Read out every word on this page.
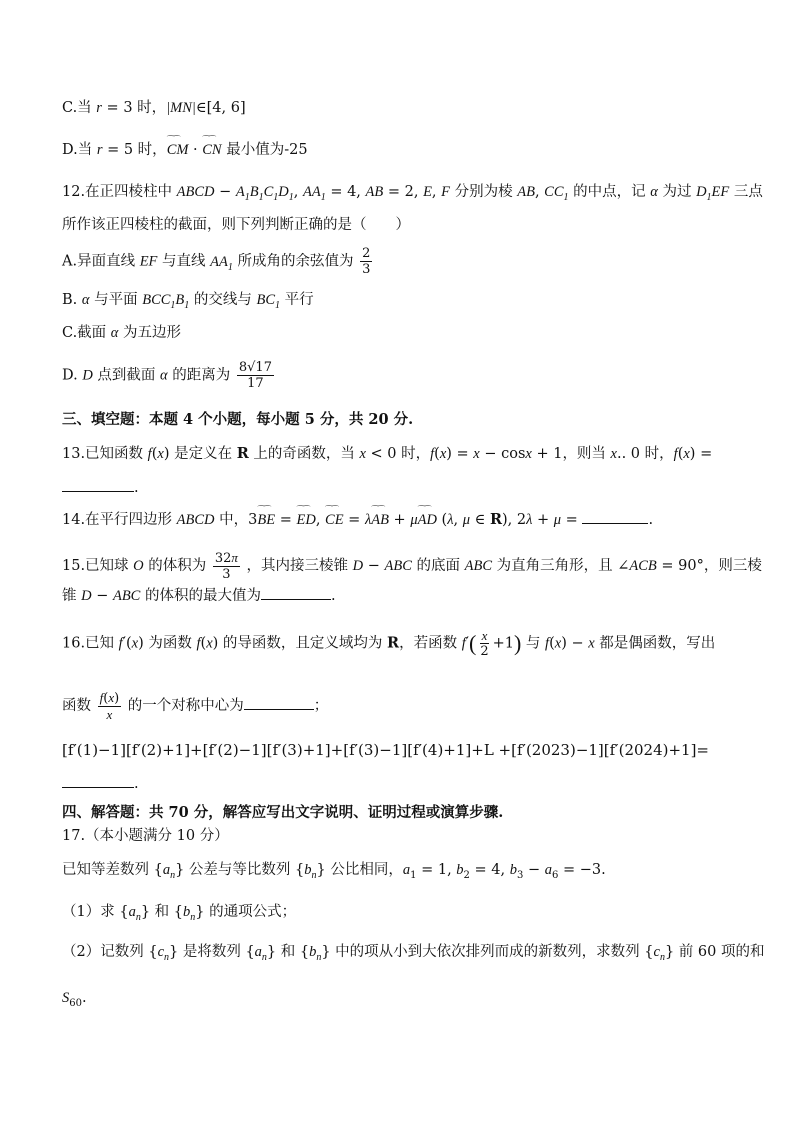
C.当 r = 3 时，|MN|∈[4, 6]
D.当 r = 5 时，⌒⌒ CM · ⌒⌒ CN 最小值为-25
12.在正四棱柱中 ABCD − $A_1B_1C_1D_1$, $AA_1 = 4$, AB = 2, E, F 分别为棱 AB, $CC_1$ 的中点，记 α 为过 $D_1EF$ 三点
所作该正四棱柱的截面，则下列判断正确的是（　　）
A.异面直线 EF 与直线 $AA_1$ 所成角的余弦值为 $\frac{2}{3}$
B. α 与平面 $BCC_1B_1$ 的交线与 $BC_1$ 平行
C.截面 α 为五边形
D. D 点到截面 α 的距离为 $\frac{8√17}{17}$
三、填空题：本题 4 个小题，每小题 5 分，共 20 分.
13.已知函数 f(x) 是定义在 R 上的奇函数，当 x < 0 时，f(x) = x − cosx + 1，则当 x.. 0 时，f(x) =
.
14.在平行四边形 ABCD 中，3⌒⌒ BE = ⌒⌒ ED, ⌒⌒ CE = λ⌒⌒ AB + μ⌒⌒ AD (λ, μ ∈ R), 2λ + μ =	.
15.已知球 O 的体积为 $\frac{32\pi}{3}$ ，其内接三棱锥 D − ABC 的底面 ABC 为直角三角形，且 ∠ACB = 90°，则三棱
锥 D − ABC 的体积的最大值为	.
16.已知 f′(x) 为函数 f(x) 的导函数，且定义域均为 R，若函数 $f'( \frac{x}{2} +1)$ 与 f(x) − x 都是偶函数，写出
函数 $\frac{f(x)}{x}$ 的一个对称中心为	；
[f′(1)−1][f′(2)+1]+[f′(2)−1][f′(3)+1]+[f′(3)−1][f′(4)+1]+L +[f′(2023)−1][f′(2024)+1]=
.
四、解答题：共 70 分，解答应写出文字说明、证明过程或演算步骤.
17.（本小题满分 10 分）
已知等差数列 $\{a_n\}$ 公差与等比数列 $\{b_n\}$ 公比相同，$a_1 = 1$, $b_2 = 4$, $b_3 - a_6 = -3$.
（1）求 $\{a_n\}$ 和 $\{b_n\}$ 的通项公式；
（2）记数列 $\{c_n\}$ 是将数列 $\{a_n\}$ 和 $\{b_n\}$ 中的项从小到大依次排列而成的新数列，求数列 $\{c_n\}$ 前 60 项的和
$S_{60}$.
